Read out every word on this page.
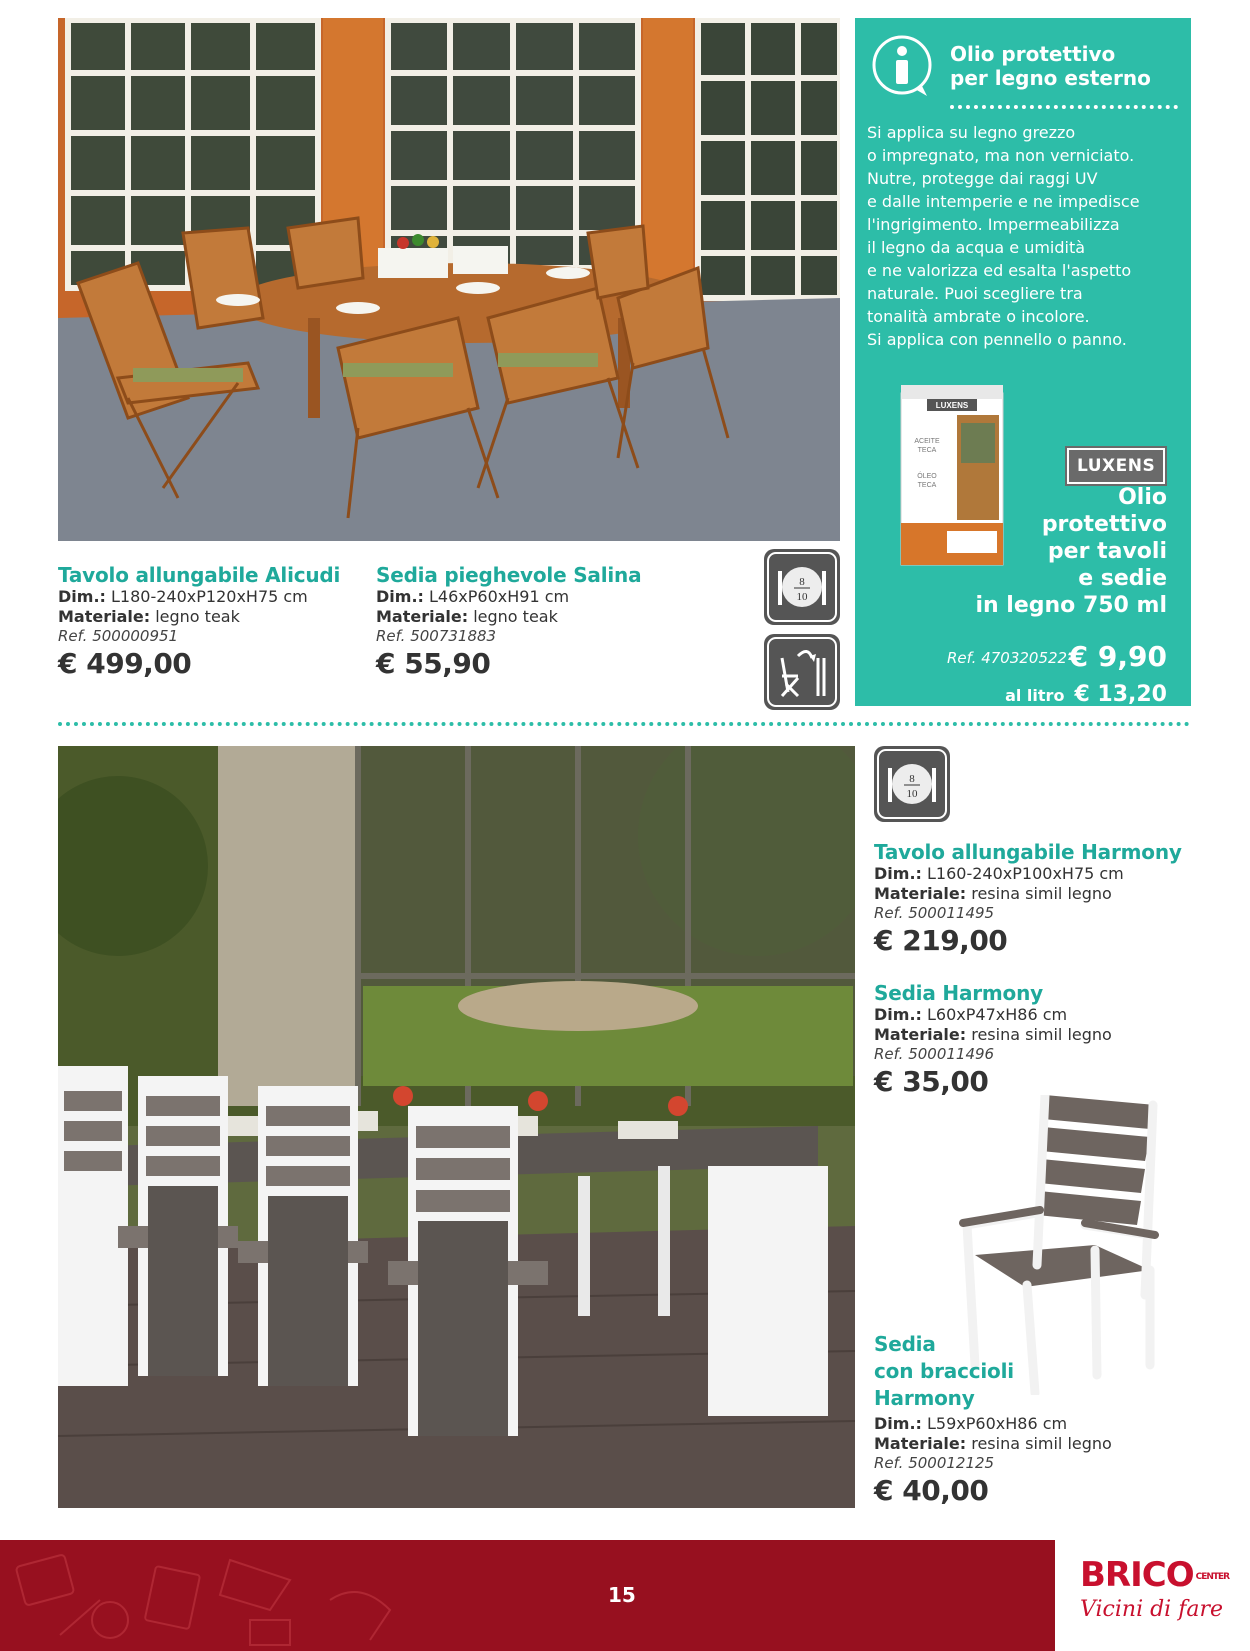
Olio protettivo
per legno esterno
Si applica su legno grezzo
o impregnato, ma non verniciato.
Nutre, protegge dai raggi UV
e dalle intemperie e ne impedisce
l'ingrigimento. Impermeabilizza
il legno da acqua e umidità
e ne valorizza ed esalta l'aspetto
naturale. Puoi scegliere tra
tonalità ambrate o incolore.
Si applica con pennello o panno.
LUXENS
ACEITE
TECA
ÓLEO
TECA
LUXENS
Olio
protettivo
per tavoli
e sedie
in legno 750 ml
Ref. 470320522 € 9,90
al litro € 13,20
Tavolo allungabile Alicudi
Dim.: L180-240xP120xH75 cm
Materiale: legno teak
Ref. 500000951
€ 499,00
Sedia pieghevole Salina
Dim.: L46xP60xH91 cm
Materiale: legno teak
Ref. 500731883
€ 55,90
8
10
8
10
Tavolo allungabile Harmony
Dim.: L160-240xP100xH75 cm
Materiale: resina simil legno
Ref. 500011495
€ 219,00
Sedia Harmony
Dim.: L60xP47xH86 cm
Materiale: resina simil legno
Ref. 500011496
€ 35,00
Sedia
con braccioli
Harmony
Dim.: L59xP60xH86 cm
Materiale: resina simil legno
Ref. 500012125
€ 40,00
15	BRICO CENTER
Vicini di fare
